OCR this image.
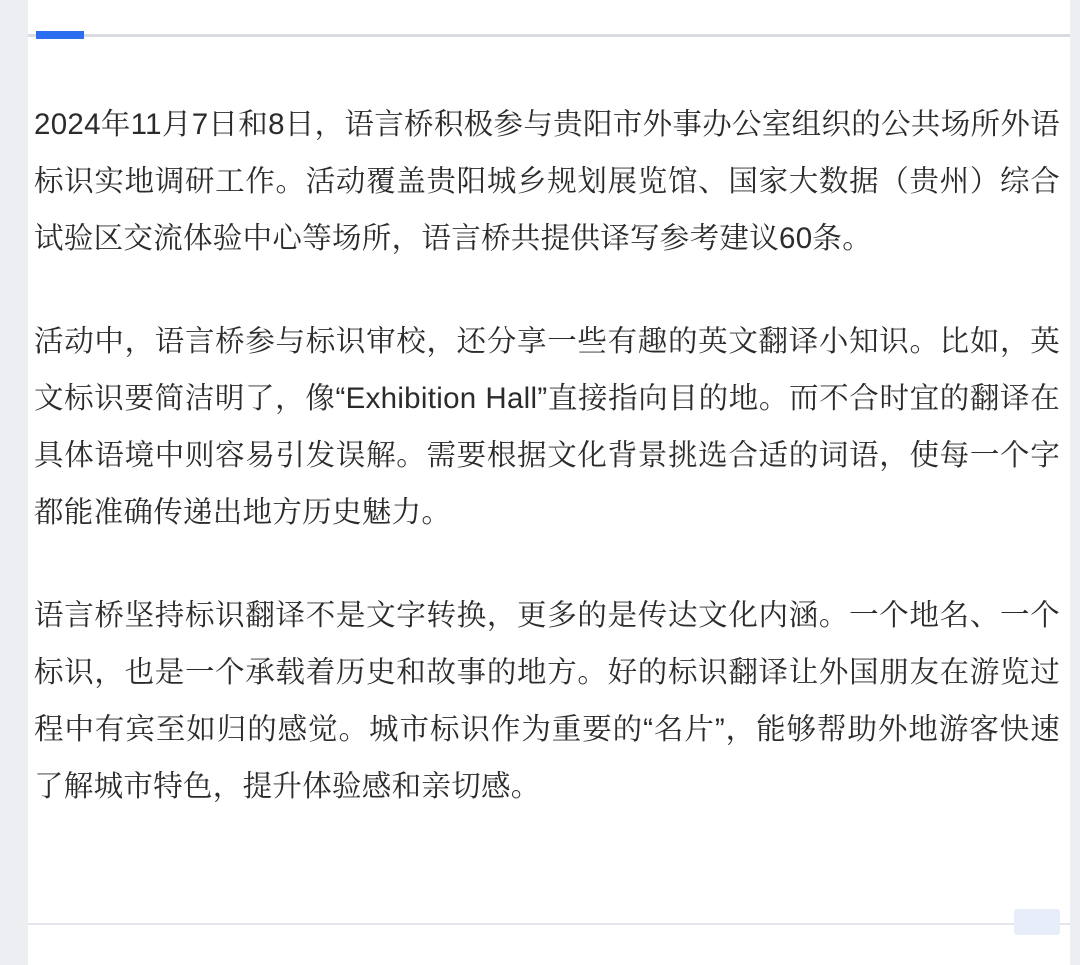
2024年11月7日和8日，语言桥积极参与贵阳市外事办公室组织的公共场所外语标识实地调研工作。活动覆盖贵阳城乡规划展览馆、国家大数据（贵州）综合试验区交流体验中心等场所，语言桥共提供译写参考建议60条。

活动中，语言桥参与标识审校，还分享一些有趣的英文翻译小知识。比如，英文标识要简洁明了，像“Exhibition Hall”直接指向目的地。而不合时宜的翻译在具体语境中则容易引发误解。需要根据文化背景挑选合适的词语，使每一个字都能准确传递出地方历史魅力。

语言桥坚持标识翻译不是文字转换，更多的是传达文化内涵。一个地名、一个标识，也是一个承载着历史和故事的地方。好的标识翻译让外国朋友在游览过程中有宾至如归的感觉。城市标识作为重要的“名片”，能够帮助外地游客快速了解城市特色，提升体验感和亲切感。
